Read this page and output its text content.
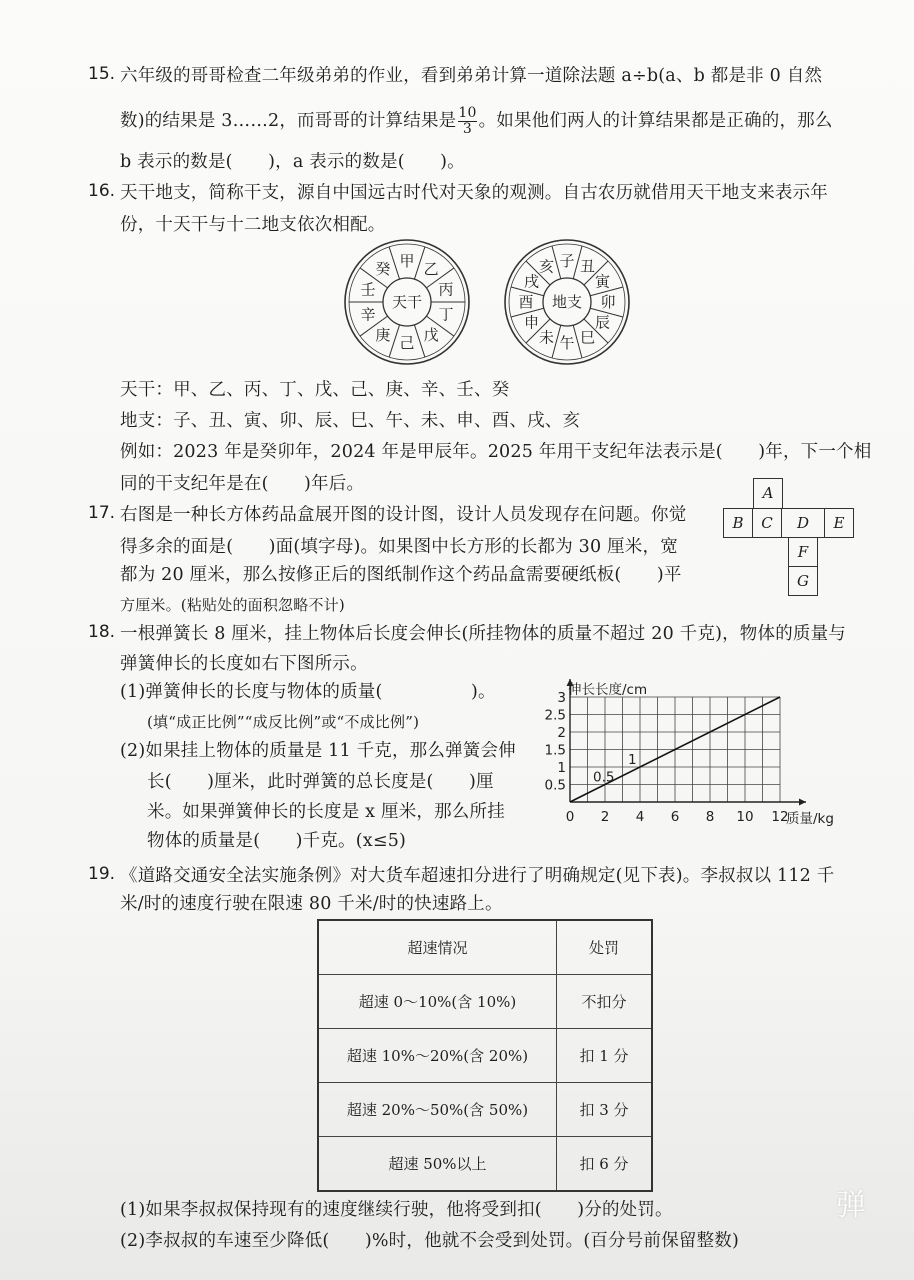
15. 六年级的哥哥检查二年级弟弟的作业，看到弟弟计算一道除法题 a÷b(a、b 都是非 0 自然
数)的结果是 3……2，而哥哥的计算结果是 $\frac{10}{3}$ 。如果他们两人的计算结果都是正确的，那么
b 表示的数是(　　)，a 表示的数是(　　)。
16. 天干地支，简称干支，源自中国远古时代对天象的观测。自古农历就借用天干地支来表示年
份，十天干与十二地支依次相配。
甲 乙
丙
丁
戊
己
庚
辛
壬
癸
天干
子 丑
寅
卯
辰
巳
午
未
申
酉
戌
亥
地支
天干：甲、乙、丙、丁、戊、己、庚、辛、壬、癸
地支：子、丑、寅、卯、辰、巳、午、未、申、酉、戌、亥
例如：2023 年是癸卯年，2024 年是甲辰年。2025 年用干支纪年法表示是(　　)年，下一个相
同的干支纪年是在(　　)年后。
17. 右图是一种长方体药品盒展开图的设计图，设计人员发现存在问题。你觉
得多余的面是(　　)面(填字母)。如果图中长方形的长都为 30 厘米，宽
都为 20 厘米，那么按修正后的图纸制作这个药品盒需要硬纸板(　　)平
方厘米。(粘贴处的面积忽略不计)
A
B	C	D	E
F
G
18. 一根弹簧长 8 厘米，挂上物体后长度会伸长(所挂物体的质量不超过 20 千克)，物体的质量与
弹簧伸长的长度如右下图所示。
(1)弹簧伸长的长度与物体的质量(　　　　　)。
(填“成正比例”“成反比例”或“不成比例”)
(2)如果挂上物体的质量是 11 千克，那么弹簧会伸
长(　　)厘米，此时弹簧的总长度是(　　)厘
米。如果弹簧伸长的长度是 x 厘米，那么所挂
物体的质量是(　　)千克。(x≤5)
0 2 4 6 8 10 12
0.5
1
1.5
2
2.5
3 伸长长度/cm
质量/kg
0.5
1
19. 《道路交通安全法实施条例》对大货车超速扣分进行了明确规定(见下表)。李叔叔以 112 千
米/时的速度行驶在限速 80 千米/时的快速路上。
超速情况	处罚
超速 0～10%(含 10%)	不扣分
超速 10%～20%(含 20%)	扣 1 分
超速 20%～50%(含 50%)	扣 3 分
超速 50%以上	扣 6 分
(1)如果李叔叔保持现有的速度继续行驶，他将受到扣(　　)分的处罚。
(2)李叔叔的车速至少降低(　　)%时，他就不会受到处罚。(百分号前保留整数)
弹
